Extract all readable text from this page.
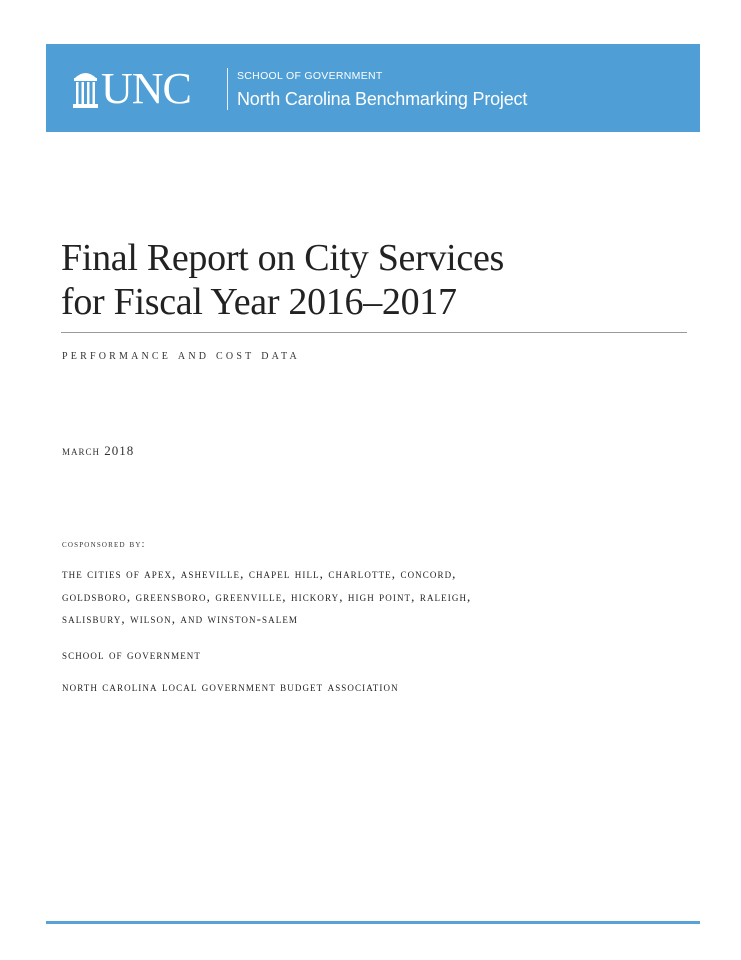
UNC	SCHOOL OF GOVERNMENT
North Carolina Benchmarking Project
Final Report on City Services
for Fiscal Year 2016–2017
performance and cost data
march 2018
cosponsored by:
the cities of apex, asheville, chapel hill, charlotte, concord,
goldsboro, greensboro, greenville, hickory, high point, raleigh,
salisbury, wilson, and winston-salem
school of government
north carolina local government budget association
